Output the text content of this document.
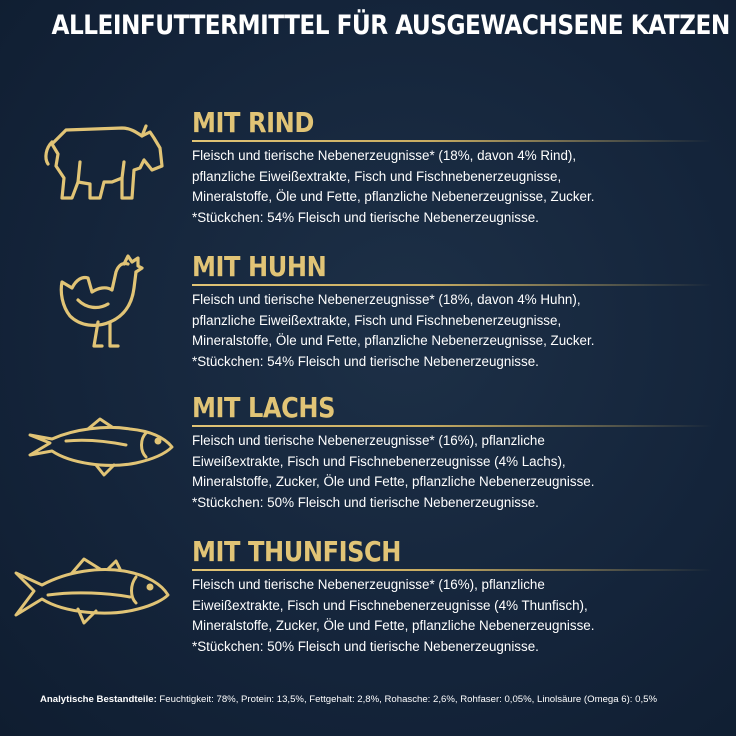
ALLEINFUTTERMITTEL FÜR AUSGEWACHSENE KATZEN
MIT RIND
Fleisch und tierische Nebenerzeugnisse* (18%, davon 4% Rind),
pflanzliche Eiweißextrakte, Fisch und Fischnebenerzeugnisse,
Mineralstoffe, Öle und Fette, pflanzliche Nebenerzeugnisse, Zucker.
*Stückchen: 54% Fleisch und tierische Nebenerzeugnisse.
MIT HUHN
Fleisch und tierische Nebenerzeugnisse* (18%, davon 4% Huhn),
pflanzliche Eiweißextrakte, Fisch und Fischnebenerzeugnisse,
Mineralstoffe, Öle und Fette, pflanzliche Nebenerzeugnisse, Zucker.
*Stückchen: 54% Fleisch und tierische Nebenerzeugnisse.
MIT LACHS
Fleisch und tierische Nebenerzeugnisse* (16%), pflanzliche
Eiweißextrakte, Fisch und Fischnebenerzeugnisse (4% Lachs),
Mineralstoffe, Zucker, Öle und Fette, pflanzliche Nebenerzeugnisse.
*Stückchen: 50% Fleisch und tierische Nebenerzeugnisse.
MIT THUNFISCH
Fleisch und tierische Nebenerzeugnisse* (16%), pflanzliche
Eiweißextrakte, Fisch und Fischnebenerzeugnisse (4% Thunfisch),
Mineralstoffe, Zucker, Öle und Fette, pflanzliche Nebenerzeugnisse.
*Stückchen: 50% Fleisch und tierische Nebenerzeugnisse.
Analytische Bestandteile: Feuchtigkeit: 78%, Protein: 13,5%, Fettgehalt: 2,8%, Rohasche: 2,6%, Rohfaser: 0,05%, Linolsäure (Omega 6): 0,5%
